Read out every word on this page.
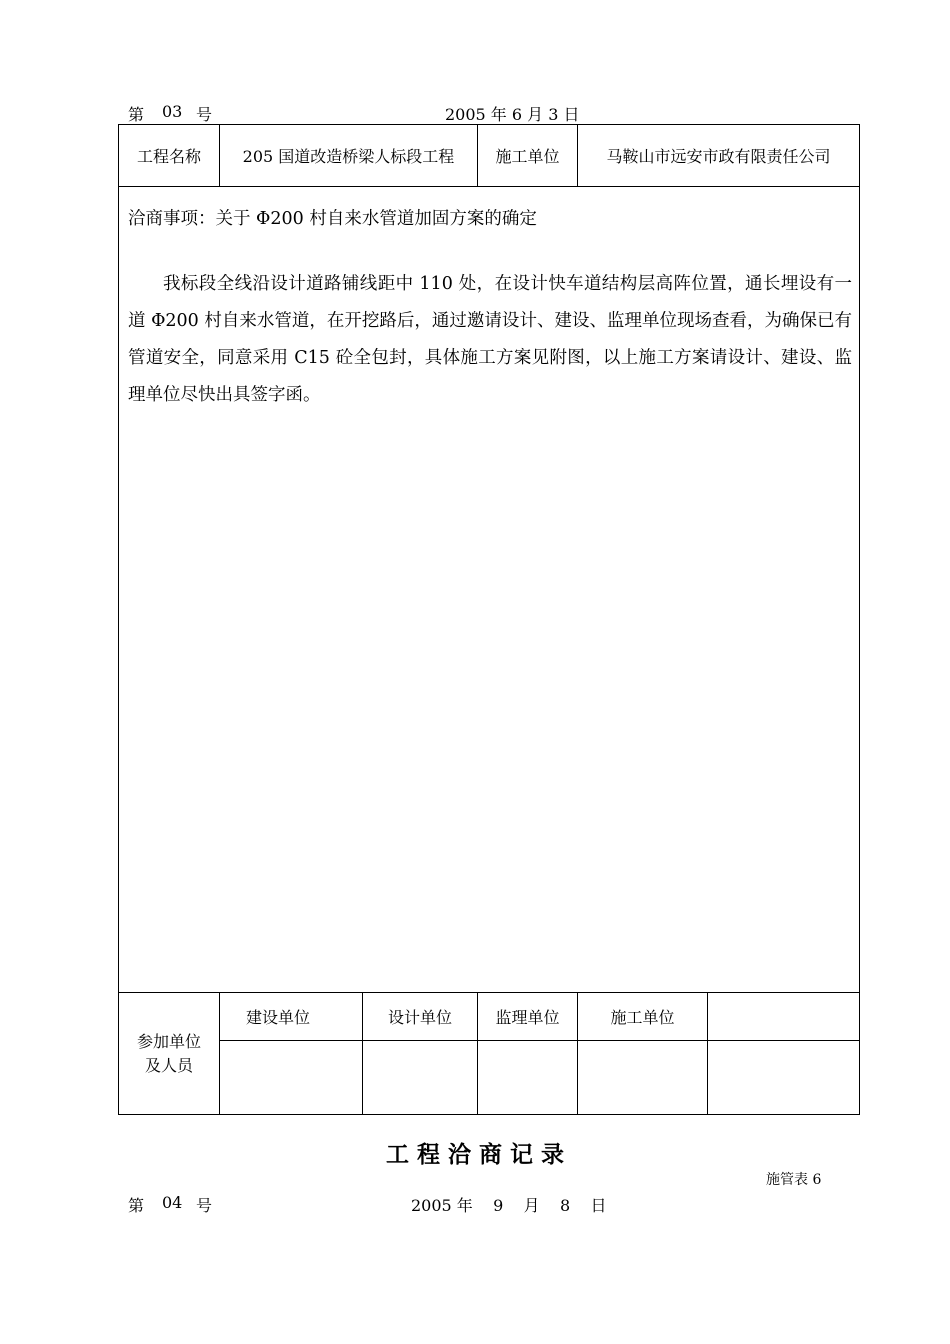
第 03 号	2005 年 6 月 3 日
工程名称	205 国道改造桥梁人标段工程	施工单位	马鞍山市远安市政有限责任公司
洽商事项：关于 Φ200 村自来水管道加固方案的确定
我标段全线沿设计道路铺线距中 110 处，在设计快车道结构层高阵位置，通长埋设有一道 Φ200 村自来水管道，在开挖路后，通过邀请设计、建设、监理单位现场查看，为确保已有管道安全，同意采用 C15 砼全包封，具体施工方案见附图，以上施工方案请设计、建设、监理单位尽快出具签字函。
参加单位
及人员
建设单位	设计单位	监理单位	施工单位
工 程 洽 商 记 录
施管表 6
第 04 号	2005 年    9    月    8    日
